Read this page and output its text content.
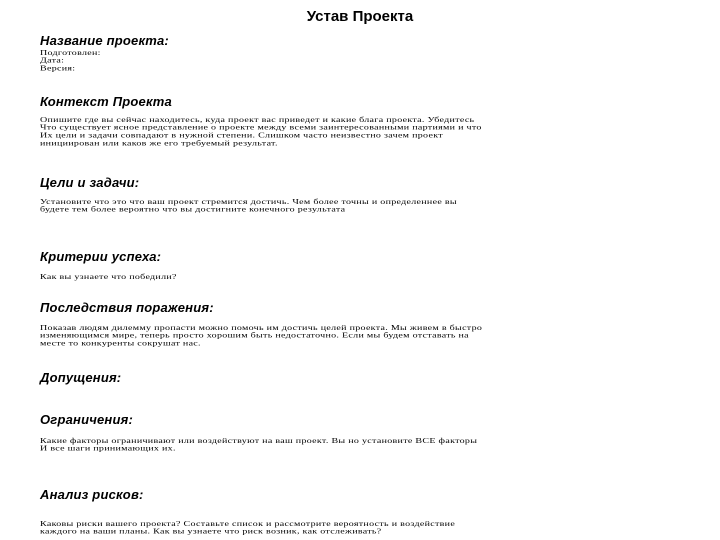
Устав Проекта
Название проекта:
Подготовлен:
Дата:
Версия:
Контекст Проекта
Опишите где вы сейчас находитесь, куда проект вас приведет и какие блага проекта. Убедитесь
Что существует ясное представление о проекте между всеми заинтересованными партиями и что
Их цели и задачи совпадают в нужной степени. Слишком часто неизвестно зачем проект
инициирован или каков же его требуемый результат.
Цели и задачи:
Установите что это что ваш проект стремится достичь. Чем более точны и определеннее вы
будете тем более вероятно что вы достигните конечного результата
Критерии успеха:
Как вы узнаете что победили?
Последствия поражения:
Показав людям дилемму пропасти можно помочь им достичь целей проекта. Мы живем в быстро
изменяющимся мире, теперь просто хорошим быть недостаточно. Если мы будем отставать на
месте то конкуренты сокрушат нас.
Допущения:
Ограничения:
Какие факторы ограничивают или воздействуют на ваш проект. Вы но установите ВСЕ факторы
И все шаги принимающих их.
Анализ рисков:
Каковы риски вашего проекта? Составьте список и рассмотрите вероятность и воздействие
каждого на ваши планы. Как вы узнаете что риск возник, как отслеживать?
